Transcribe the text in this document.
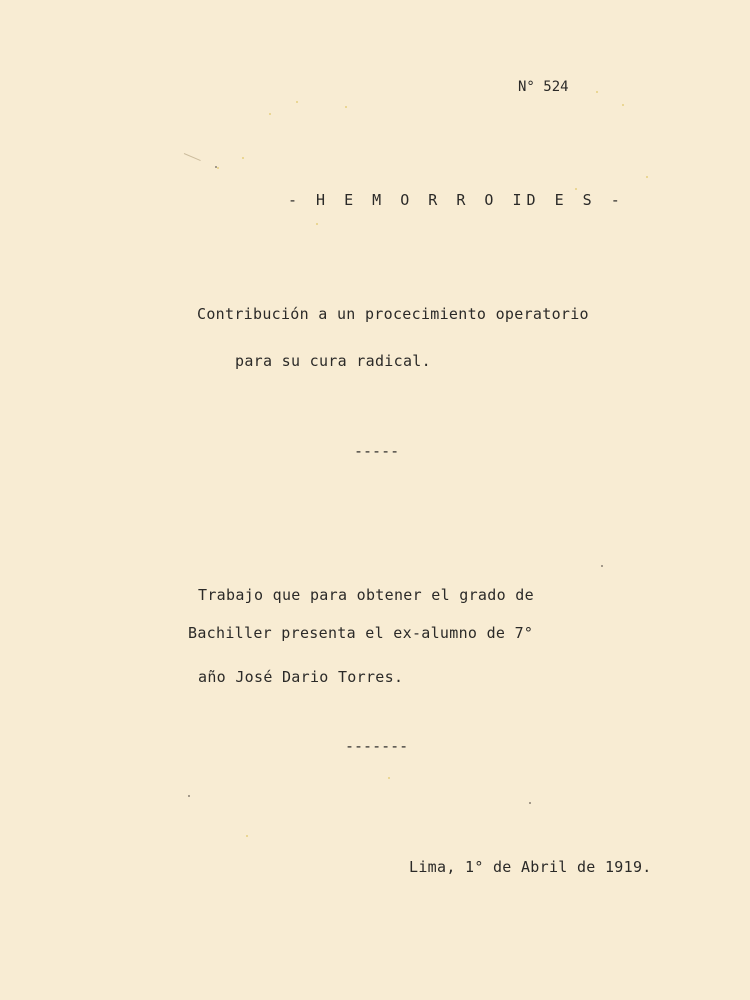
N° 524
- H E M O R R O ID E S -
Contribución a un procecimiento operatorio
para su cura radical.
-----
Trabajo que para obtener el grado de
Bachiller presenta el ex-alumno de 7°
año José Dario Torres.
-------
Lima, 1° de Abril de 1919.
